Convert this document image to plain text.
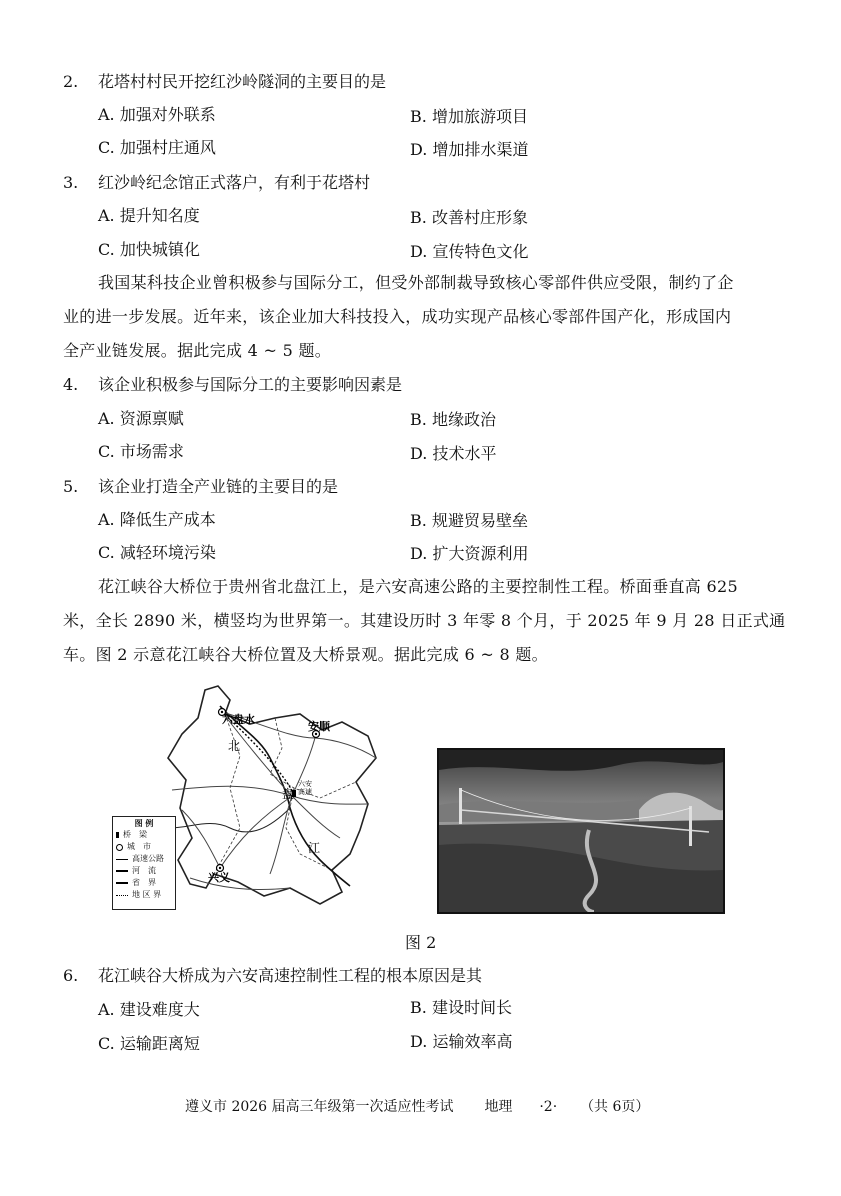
2. 花塔村村民开挖红沙岭隧洞的主要目的是
A. 加强对外联系	B. 增加旅游项目
C. 加强村庄通风	D. 增加排水渠道
3. 红沙岭纪念馆正式落户，有利于花塔村
A. 提升知名度	B. 改善村庄形象
C. 加快城镇化	D. 宣传特色文化
我国某科技企业曾积极参与国际分工，但受外部制裁导致核心零部件供应受限，制约了企
业的进一步发展。近年来，该企业加大科技投入，成功实现产品核心零部件国产化，形成国内
全产业链发展。据此完成 4 ~ 5 题。
4. 该企业积极参与国际分工的主要影响因素是
A. 资源禀赋	B. 地缘政治
C. 市场需求	D. 技术水平
5. 该企业打造全产业链的主要目的是
A. 降低生产成本	B. 规避贸易壁垒
C. 减轻环境污染	D. 扩大资源利用
花江峡谷大桥位于贵州省北盘江上，是六安高速公路的主要控制性工程。桥面垂直高 625
米，全长 2890 米，横竖均为世界第一。其建设历时 3 年零 8 个月，于 2025 年 9 月 28 日正式通
车。图 2 示意花江峡谷大桥位置及大桥景观。据此完成 6 ~ 8 题。
六盘水
安顺
兴义
北
盘
江
六安
高速
图 例
桥　梁
城　市
高速公路
河　流
省　界
地 区 界
图 2
6. 花江峡谷大桥成为六安高速控制性工程的根本原因是其
A. 建设难度大	B. 建设时间长
C. 运输距离短	D. 运输效率高
遵义市 2026 届高三年级第一次适应性考试 地理 ·2· （共 6页）
